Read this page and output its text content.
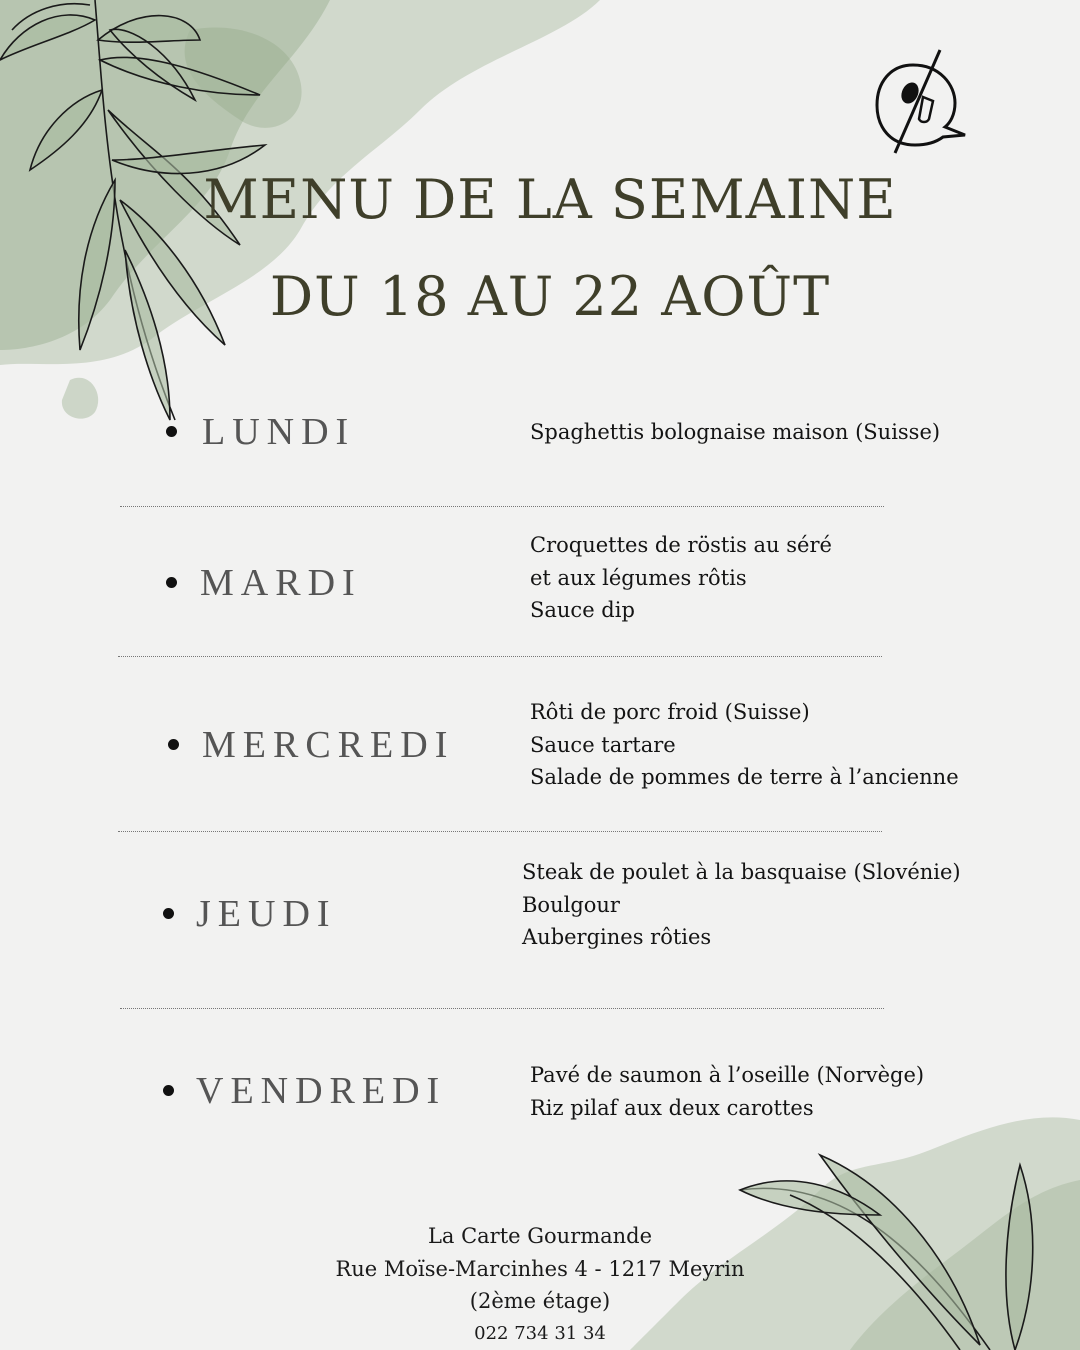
MENU DE LA SEMAINE
DU 18 AU 22 AOÛT
LUNDI	Spaghettis bolognaise maison (Suisse)
MARDI
Croquettes de röstis au séré
et aux légumes rôtis
Sauce dip
MERCREDI
Rôti de porc froid (Suisse)
Sauce tartare
Salade de pommes de terre à l’ancienne
JEUDI
Steak de poulet à la basquaise (Slovénie)
Boulgour
Aubergines rôties
VENDREDI	Pavé de saumon à l’oseille (Norvège)
Riz pilaf aux deux carottes
La Carte Gourmande
Rue Moïse-Marcinhes 4 - 1217 Meyrin
(2ème étage)
022 734 31 34
